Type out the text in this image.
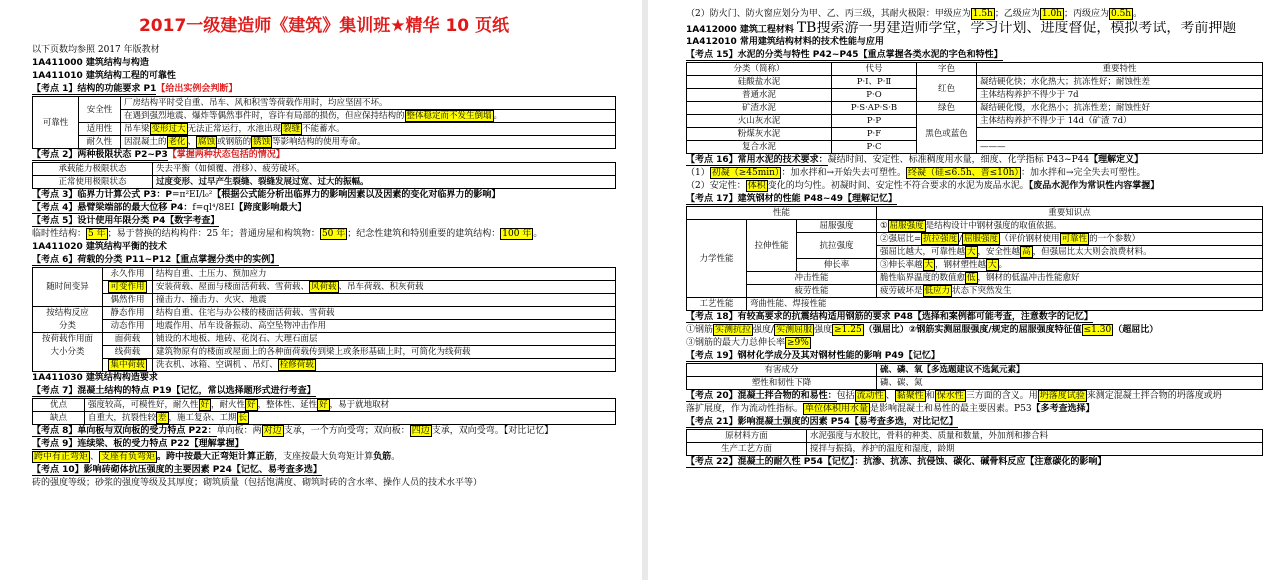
2017一级建造师《建筑》集训班★精华 10 页纸
以下页数均参照 2017 年版教材
1A411000 建筑结构与构造
1A411010 建筑结构工程的可靠性
【考点 1】结构的功能要求 P1【给出实例会判断】
可靠性	安全性	厂房结构平时受自重、吊车、风和积雪等荷载作用时，均应坚固不坏。
		在遇到强烈地震、爆炸等偶然事件时，容许有局部的损伤，但应保持结构的 整体稳定而不发生倒塌 。
	适用性	吊车梁 变形过大 无法正常运行，水池出现 裂缝 不能蓄水。
	耐久性	因混凝土的 老化 、 腐蚀 或钢筋的 锈蚀 等影响结构的使用寿命。
【考点 2】两种极限状态 P2~P3【掌握两种状态包括的情况】
承载能力极限状态	失去平衡（如倾覆、滑移）、疲劳破坏。
正常使用极限状态	过度变形、过早产生裂缝、裂缝发展过宽、过大的振幅。
【考点 3】临界力计算公式 P3：P=π²EI/l₀²【根据公式能分析出临界力的影响因素以及因素的变化对临界力的影响】
【考点 4】悬臂梁端部的最大位移 P4：f=ql⁴/8EI【跨度影响最大】
【考点 5】设计使用年限分类 P4【数字考查】
临时性结构： 5 年 ；易于替换的结构构件：25 年；普通房屋和构筑物： 50 年 ；纪念性建筑和特别重要的建筑结构： 100 年 。
1A411020 建筑结构平衡的技术
【考点 6】荷载的分类 P11~P12【重点掌握分类中的实例】
随时间变异	永久作用	结构自重、土压力、预加应力
	可变作用	安装荷载、屋面与楼面活荷载、雪荷载、 风荷载 、吊车荷载、积灰荷载
	偶然作用	撞击力、撞击力、火灾、地震
按结构反应	静态作用	结构自重、住宅与办公楼的楼面活荷载、雪荷载
分类	动态作用	地震作用、吊车设备振动、高空坠物冲击作用
按荷载作用面	面荷载	铺设的木地板、地砖、花岗石、大理石面层
大小分类	线荷载	建筑物原有的楼面或屋面上的各种面荷载传到梁上或条形基础上时，可简化为线荷载
	集中荷载	洗衣机、冰箱、空调机 、吊灯、 栓修荷载
1A411030 建筑结构构造要求
【考点 7】混凝土结构的特点 P19【记忆，常以选择题形式进行考查】
优点	强度较高，可模性好，耐久性 好 ，耐火性 好 ，整体性、延性 好 ，易于就地取材
缺点	自重大，抗裂性较 差 ，施工复杂、工期 长
【考点 8】单向板与双向板的受力特点 P22：单向板：两 对边 支承，一个方向受弯；双向板： 四边 支承，双向受弯。【对比记忆】
【考点 9】连续梁、板的受力特点 P22【理解掌握】
跨中有正弯矩 、 支座有负弯矩 。跨中按最大正弯矩计算正筋，支座按最大负弯矩计算负筋。
【考点 10】影响砖砌体抗压强度的主要因素 P24【记忆、易考查多选】
砖的强度等级；砂浆的强度等级及其厚度；砌筑质量（包括饱满度、砌筑时砖的含水率、操作人员的技术水平等）
（2）防火门、防火窗应划分为甲、乙、丙三级，其耐火极限：甲级应为 1.5h ；乙级应为 1.0h ；丙级应为 0.5h 。
1A412000 建筑工程材料 TB搜索游一男建造师学堂，学习计划、进度督促，模拟考试，考前押题
1A412010 常用建筑结构材料的技术性能与应用
【考点 15】水泥的分类与特性 P42~P45【重点掌握各类水泥的字色和特性】
分类（简称）	代号	字色	重要特性
硅酸盐水泥	P·Ⅰ、P·Ⅱ	红色	凝结硬化快；水化热大；抗冻性好；耐蚀性差
普通水泥	P·O		主体结构养护不得少于 7d
矿渣水泥	P·S·AP·S·B	绿色	凝结硬化慢，水化热小；抗冻性差；耐蚀性好
火山灰水泥	P·P	黑色或蓝色	主体结构养护不得少于 14d（矿渣 7d）
粉煤灰水泥	P·F		
复合水泥	P·C		———
【考点 16】常用水泥的技术要求：凝结时间、安定性、标准稠度用水量，细度、化学指标 P43~P44【理解定义】
（1） 初凝（≥45min） ：加水拌和→开始失去可塑性。 终凝（硅≤6.5h、普≤10h） ：加水拌和→完全失去可塑性。
（2）安定性： 体积 变化的均匀性。初凝时间、安定性不符合要求的水泥为废品水泥。【废品水泥作为常识性内容掌握】
【考点 17】建筑钢材的性能 P48~49【理解记忆】
性能			重要知识点
力学性能	拉伸性能	屈服强度	① 屈服强度 是结构设计中钢材强度的取值依据。
		抗拉强度	②强屈比= 抗拉强度 / 屈服强度 （评价钢材使用 可靠性 的一个参数）
			强屈比越大，可靠性越 大 ，安全性越 高 ，但强屈比太大则会浪费材料。
		伸长率	③伸长率越 大 ，钢材塑性越 大 。
	冲击性能		脆性临界温度的数值愈 低 ，钢材的低温冲击性能愈好
	疲劳性能		疲劳破坏是 低应力 状态下突然发生
工艺性能	弯曲性能、焊接性能		
【考点 18】有较高要求的抗震结构适用钢筋的要求 P48【选择和案例都可能考查，注意数字的记忆】
①钢筋 实测抗拉 强度/ 实测屈服 强度 ≥1.25 （强屈比）②钢筋实测屈服强度/规定的屈服强度特征值 ≤1.30 （超屈比）
③钢筋的最大力总伸长率 ≥9%
【考点 19】钢材化学成分及其对钢材性能的影响 P49【记忆】
有害成分	硫、磷、氧【多选题建议不选氮元素】
塑性和韧性下降	磷、碳、氮
【考点 20】混凝土拌合物的和易性：包括 流动性 、 黏聚性 和 保水性 三方面的含义。用 坍落度试验 来测定混凝土拌合物的坍落度或坍
落扩展度，作为流动性指标。 单位体积用水量 是影响混凝土和易性的最主要因素。P53【多考查选择】
【考点 21】影响混凝土强度的因素 P54【易考查多选，对比记忆】
原材料方面	水泥强度与水胶比，骨料的种类、质量和数量，外加剂和掺合料
生产工艺方面	搅拌与振捣，养护的温度和湿度，龄期
【考点 22】混凝土的耐久性 P54【记忆】：抗渗、抗冻、抗侵蚀、碳化、碱骨料反应【注意碳化的影响】
